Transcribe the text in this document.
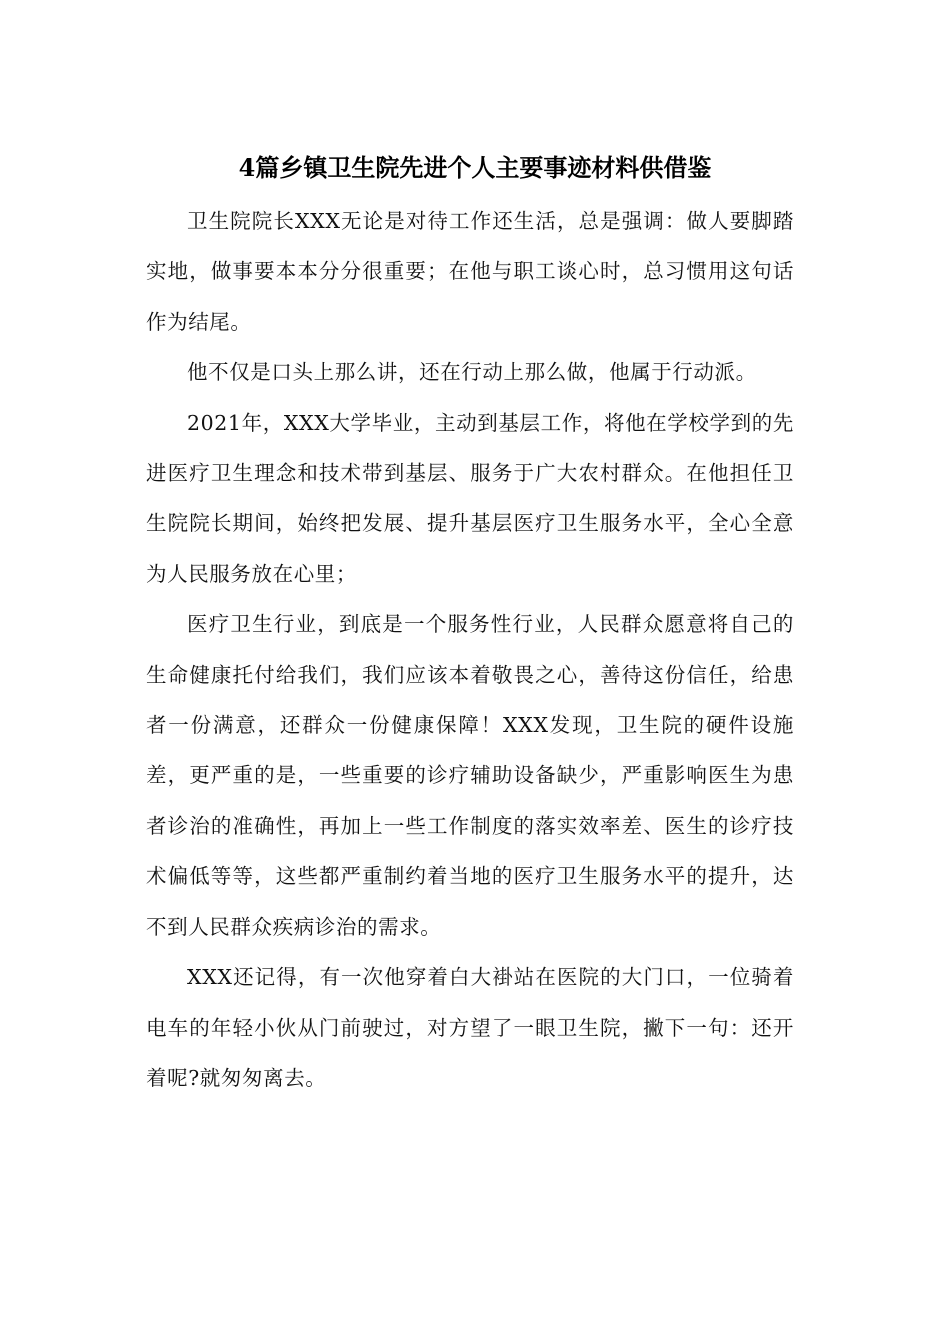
4篇乡镇卫生院先进个人主要事迹材料供借鉴

卫生院院长XXX无论是对待工作还生活，总是强调：做人要脚踏实地，做事要本本分分很重要；在他与职工谈心时，总习惯用这句话作为结尾。

他不仅是口头上那么讲，还在行动上那么做，他属于行动派。

2021年，XXX大学毕业，主动到基层工作，将他在学校学到的先进医疗卫生理念和技术带到基层、服务于广大农村群众。在他担任卫生院院长期间，始终把发展、提升基层医疗卫生服务水平，全心全意为人民服务放在心里；

医疗卫生行业，到底是一个服务性行业，人民群众愿意将自己的生命健康托付给我们，我们应该本着敬畏之心，善待这份信任，给患者一份满意，还群众一份健康保障！XXX发现，卫生院的硬件设施差，更严重的是，一些重要的诊疗辅助设备缺少，严重影响医生为患者诊治的准确性，再加上一些工作制度的落实效率差、医生的诊疗技术偏低等等，这些都严重制约着当地的医疗卫生服务水平的提升，达不到人民群众疾病诊治的需求。

XXX还记得，有一次他穿着白大褂站在医院的大门口，一位骑着电车的年轻小伙从门前驶过，对方望了一眼卫生院，撇下一句：还开着呢?就匆匆离去。
